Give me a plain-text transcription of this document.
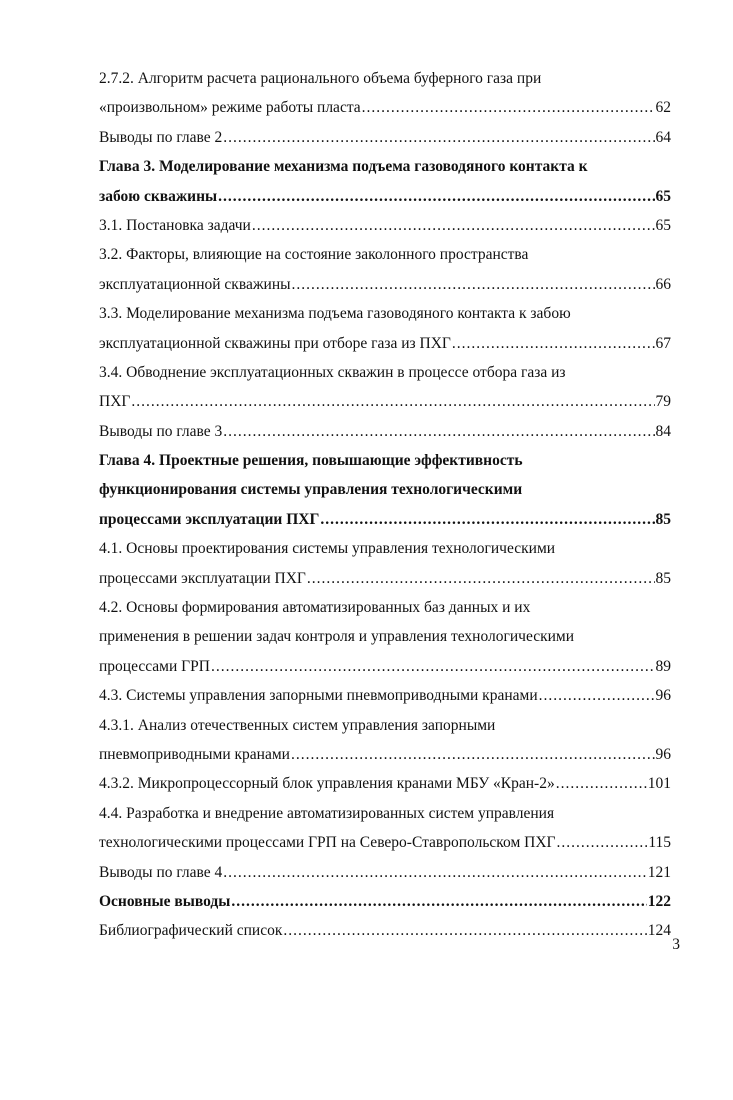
2.7.2. Алгоритм расчета рационального объема буферного газа при
«произвольном» режиме работы пласта .....	62
Выводы по главе 2 .....	64
Глава 3. Моделирование механизма подъема газоводяного контакта к
забою скважины .....	65
3.1. Постановка задачи .....	65
3.2. Факторы, влияющие на состояние заколонного пространства
эксплуатационной скважины .....	66
3.3. Моделирование механизма подъема газоводяного контакта к забою
эксплуатационной скважины при отборе газа из ПХГ .....	67
3.4. Обводнение эксплуатационных скважин в процессе отбора газа из
ПХГ .....	79
Выводы по главе 3 .....	84
Глава 4. Проектные решения, повышающие эффективность
функционирования системы управления технологическими
процессами эксплуатации ПХГ .....	85
4.1. Основы проектирования системы управления технологическими
процессами эксплуатации ПХГ .....	85
4.2. Основы формирования автоматизированных баз данных и их
применения в решении задач контроля и управления технологическими
процессами ГРП .....	89
4.3. Системы управления запорными пневмоприводными кранами .....	96
4.3.1. Анализ отечественных систем управления запорными
пневмоприводными кранами .....	96
4.3.2. Микропроцессорный блок управления кранами МБУ «Кран-2» .....	101
4.4. Разработка и внедрение автоматизированных систем управления
технологическими процессами ГРП на Северо-Ставропольском ПХГ .....	115
Выводы по главе 4 .....	121
Основные выводы .....	122
Библиографический список .....	124
3
